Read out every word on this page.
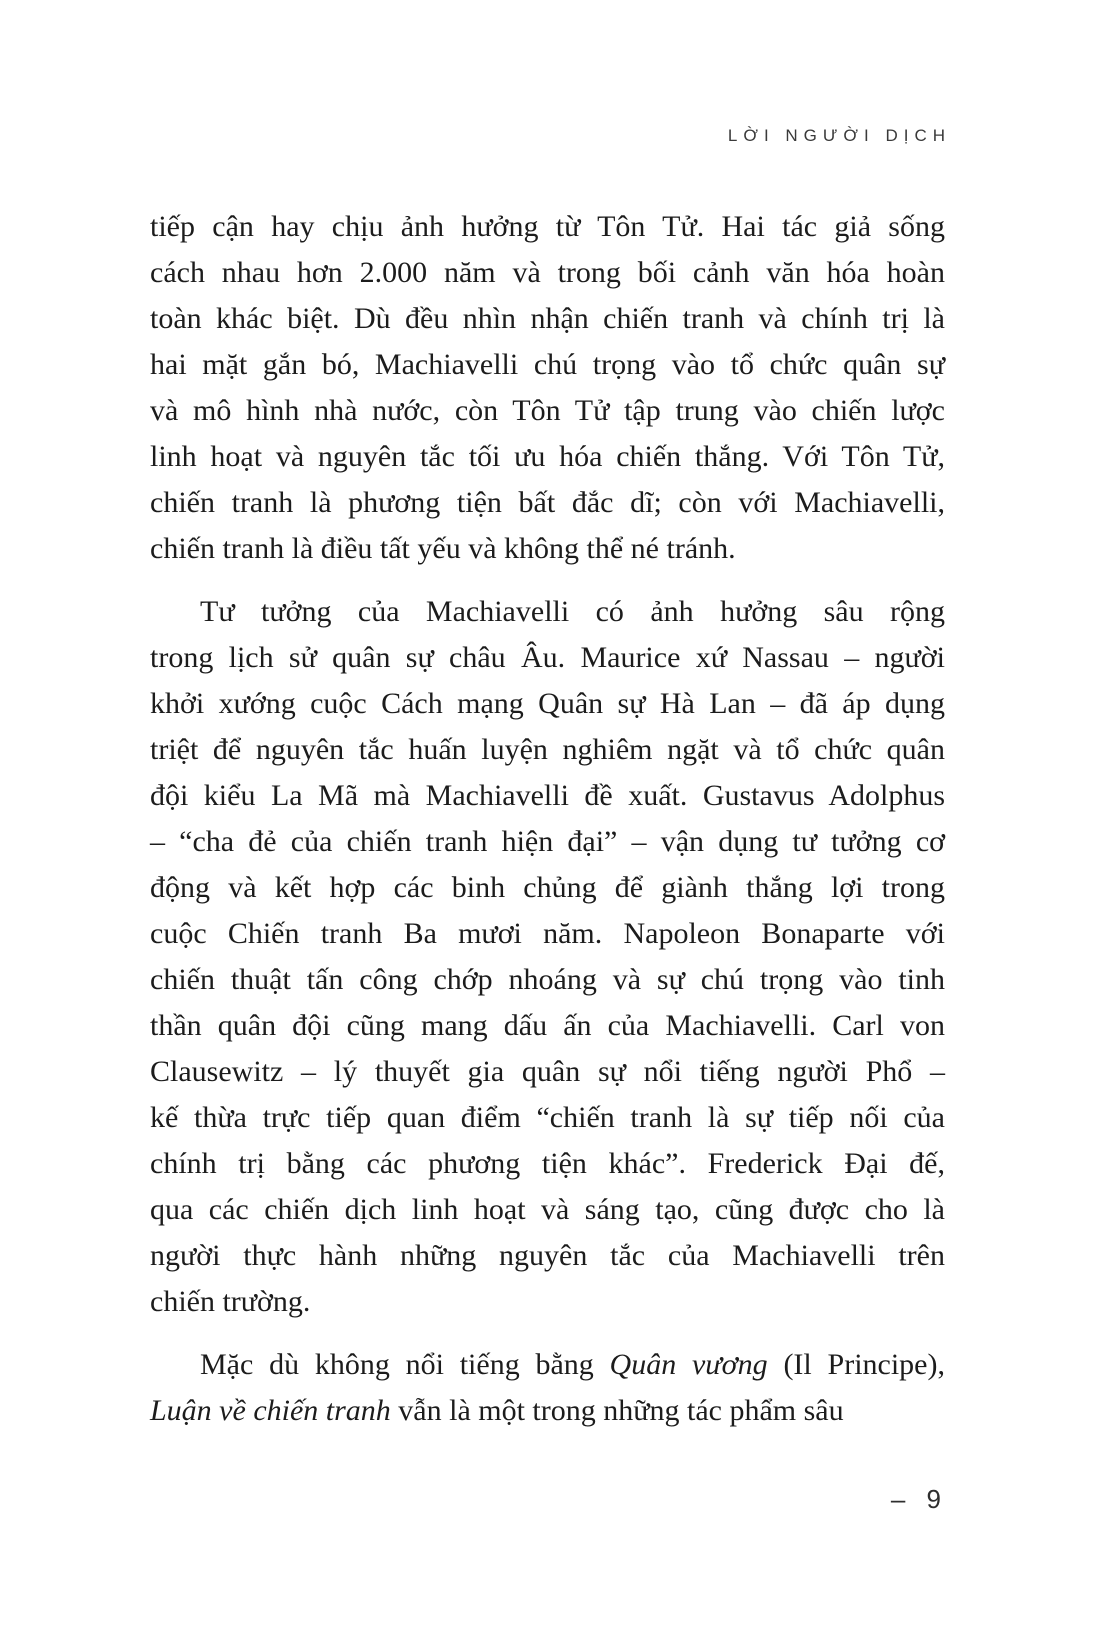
LỜI NGƯỜI DỊCH
tiếp cận hay chịu ảnh hưởng từ Tôn Tử. Hai tác giả sống
cách nhau hơn 2.000 năm và trong bối cảnh văn hóa hoàn
toàn khác biệt. Dù đều nhìn nhận chiến tranh và chính trị là
hai mặt gắn bó, Machiavelli chú trọng vào tổ chức quân sự
và mô hình nhà nước, còn Tôn Tử tập trung vào chiến lược
linh hoạt và nguyên tắc tối ưu hóa chiến thắng. Với Tôn Tử,
chiến tranh là phương tiện bất đắc dĩ; còn với Machiavelli,
chiến tranh là điều tất yếu và không thể né tránh.
Tư tưởng của Machiavelli có ảnh hưởng sâu rộng
trong lịch sử quân sự châu Âu. Maurice xứ Nassau – người
khởi xướng cuộc Cách mạng Quân sự Hà Lan – đã áp dụng
triệt để nguyên tắc huấn luyện nghiêm ngặt và tổ chức quân
đội kiểu La Mã mà Machiavelli đề xuất. Gustavus Adolphus
– “cha đẻ của chiến tranh hiện đại” – vận dụng tư tưởng cơ
động và kết hợp các binh chủng để giành thắng lợi trong
cuộc Chiến tranh Ba mươi năm. Napoleon Bonaparte với
chiến thuật tấn công chớp nhoáng và sự chú trọng vào tinh
thần quân đội cũng mang dấu ấn của Machiavelli. Carl von
Clausewitz – lý thuyết gia quân sự nổi tiếng người Phổ –
kế thừa trực tiếp quan điểm “chiến tranh là sự tiếp nối của
chính trị bằng các phương tiện khác”. Frederick Đại đế,
qua các chiến dịch linh hoạt và sáng tạo, cũng được cho là
người thực hành những nguyên tắc của Machiavelli trên
chiến trường.
Mặc dù không nổi tiếng bằng Quân vương (Il Principe),
Luận về chiến tranh vẫn là một trong những tác phẩm sâu
– 9
